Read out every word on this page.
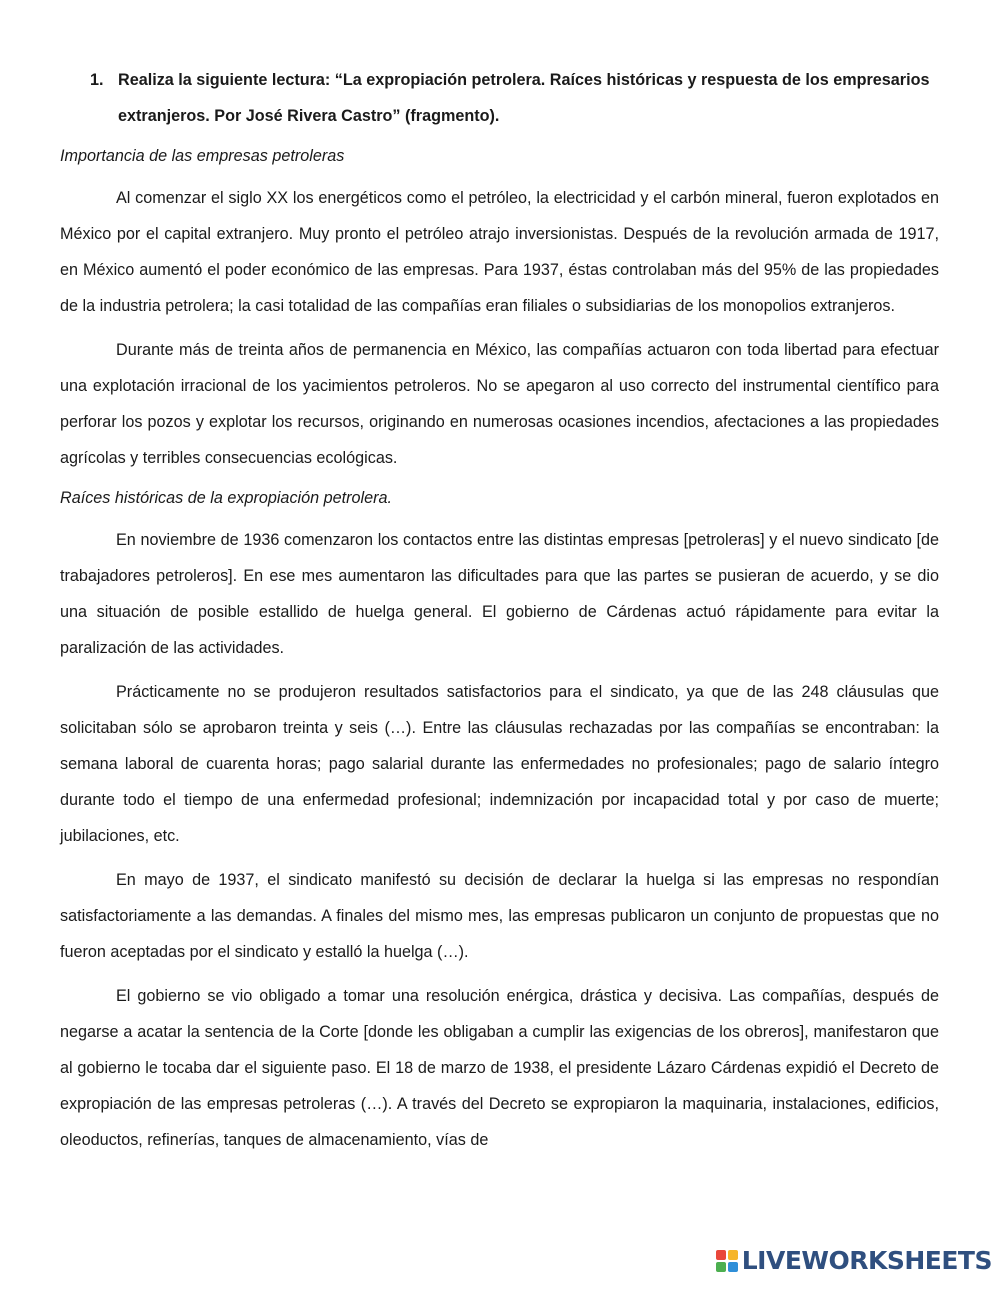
1. Realiza la siguiente lectura: “La expropiación petrolera. Raíces históricas y respuesta de los empresarios extranjeros. Por José Rivera Castro” (fragmento).

Importancia de las empresas petroleras

Al comenzar el siglo XX los energéticos como el petróleo, la electricidad y el carbón mineral, fueron explotados en México por el capital extranjero. Muy pronto el petróleo atrajo inversionistas. Después de la revolución armada de 1917, en México aumentó el poder económico de las empresas. Para 1937, éstas controlaban más del 95% de las propiedades de la industria petrolera; la casi totalidad de las compañías eran filiales o subsidiarias de los monopolios extranjeros.

Durante más de treinta años de permanencia en México, las compañías actuaron con toda libertad para efectuar una explotación irracional de los yacimientos petroleros. No se apegaron al uso correcto del instrumental científico para perforar los pozos y explotar los recursos, originando en numerosas ocasiones incendios, afectaciones a las propiedades agrícolas y terribles consecuencias ecológicas.

Raíces históricas de la expropiación petrolera.

En noviembre de 1936 comenzaron los contactos entre las distintas empresas [petroleras] y el nuevo sindicato [de trabajadores petroleros]. En ese mes aumentaron las dificultades para que las partes se pusieran de acuerdo, y se dio una situación de posible estallido de huelga general. El gobierno de Cárdenas actuó rápidamente para evitar la paralización de las actividades.

Prácticamente no se produjeron resultados satisfactorios para el sindicato, ya que de las 248 cláusulas que solicitaban sólo se aprobaron treinta y seis (…). Entre las cláusulas rechazadas por las compañías se encontraban: la semana laboral de cuarenta horas; pago salarial durante las enfermedades no profesionales; pago de salario íntegro durante todo el tiempo de una enfermedad profesional; indemnización por incapacidad total y por caso de muerte; jubilaciones, etc.

En mayo de 1937, el sindicato manifestó su decisión de declarar la huelga si las empresas no respondían satisfactoriamente a las demandas. A finales del mismo mes, las empresas publicaron un conjunto de propuestas que no fueron aceptadas por el sindicato y estalló la huelga (…).

El gobierno se vio obligado a tomar una resolución enérgica, drástica y decisiva. Las compañías, después de negarse a acatar la sentencia de la Corte [donde les obligaban a cumplir las exigencias de los obreros], manifestaron que al gobierno le tocaba dar el siguiente paso. El 18 de marzo de 1938, el presidente Lázaro Cárdenas expidió el Decreto de expropiación de las empresas petroleras (…). A través del Decreto se expropiaron la maquinaria, instalaciones, edificios, oleoductos, refinerías, tanques de almacenamiento, vías de

LIVEWORKSHEETS
